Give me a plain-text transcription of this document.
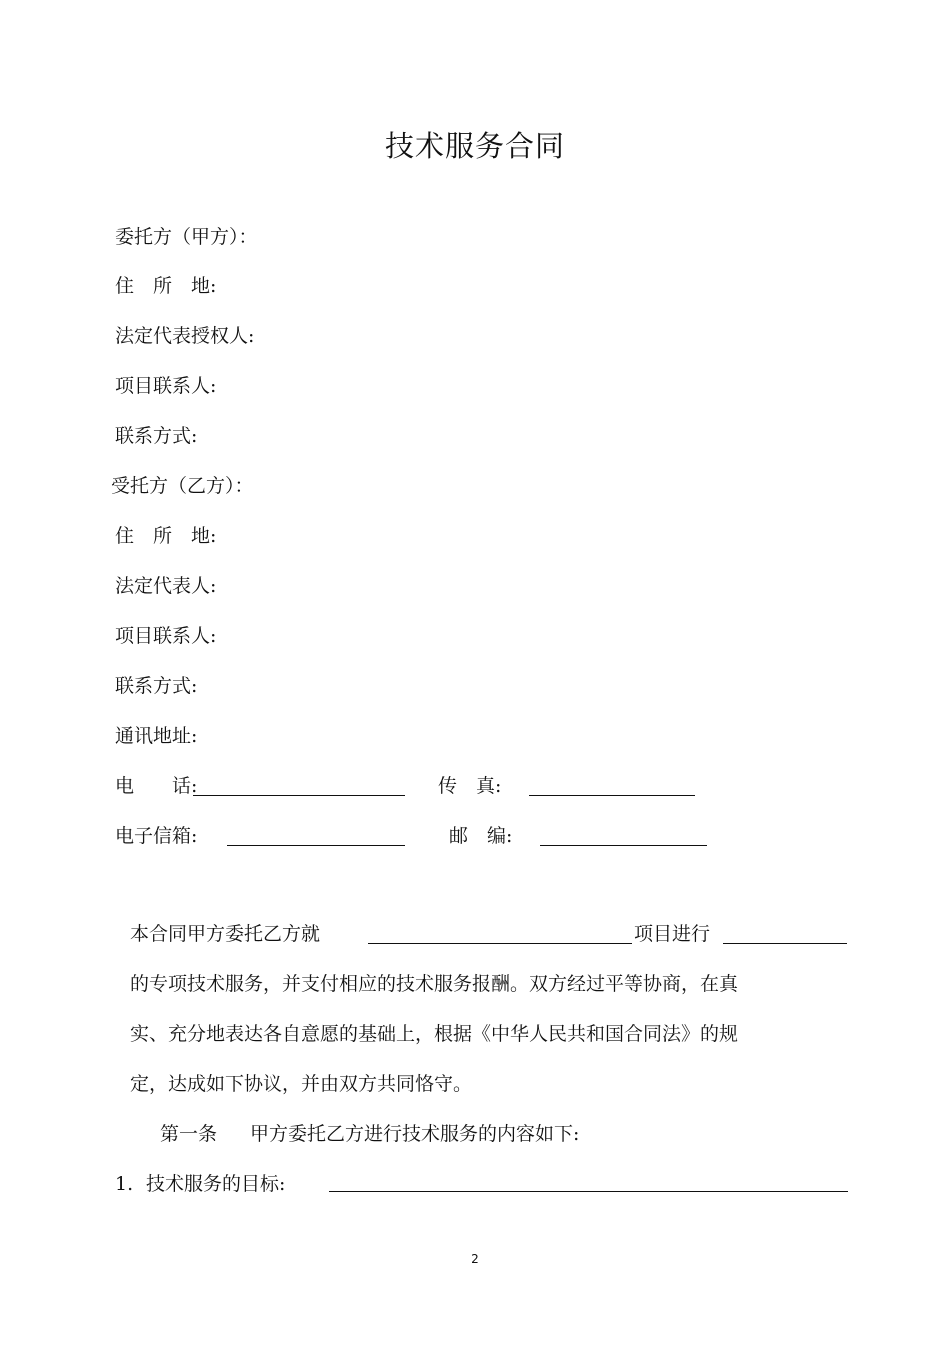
技术服务合同
委托方（甲方）：
住　所　地:
法定代表授权人:
项目联系人:
联系方式:
受托方（乙方）：
住　所　地:
法定代表人:
项目联系人:
联系方式:
通讯地址:
电　　话:	传　真:
电子信箱:	邮　编:
本合同甲方委托乙方就	项目进行
的专项技术服务，并支付相应的技术服务报酬。双方经过平等协商，在真
实、充分地表达各自意愿的基础上，根据《中华人民共和国合同法》的规
定，达成如下协议，并由双方共同恪守。
第一条 甲方委托乙方进行技术服务的内容如下:
1. 技术服务的目标:
2
